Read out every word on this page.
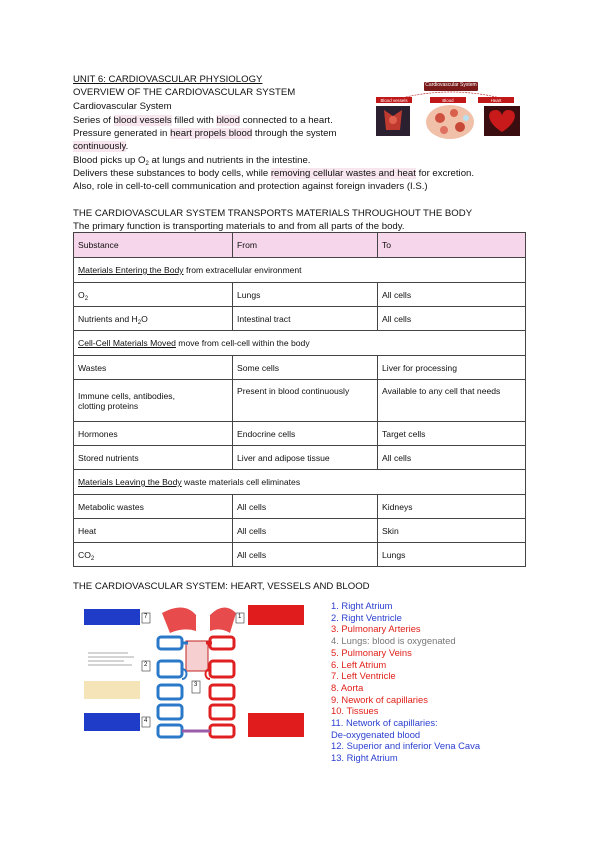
UNIT 6: CARDIOVASCULAR PHYSIOLOGY
OVERVIEW OF THE CARDIOVASCULAR SYSTEM
Cardiovascular System
Series of blood vessels filled with blood connected to a heart.
Pressure generated in heart propels blood through the system
continuously.
Blood picks up $O_2$ at lungs and nutrients in the intestine.
Delivers these substances to body cells, while removing cellular wastes and heat for excretion.
Also, role in cell-to-cell communication and protection against foreign invaders (I.S.)
Cardiovascular System
Blood vessels	Blood	Heart
THE CARDIOVASCULAR SYSTEM TRANSPORTS MATERIALS THROUGHOUT THE BODY
The primary function is transporting materials to and from all parts of the body.
Substance	From	To
Materials Entering the Body from extracellular environment		
$O_2$	Lungs	All cells
Nutrients and $H_2O$	Intestinal tract	All cells
Cell-Cell Materials Moved move from cell-cell within the body		
Wastes	Some cells	Liver for processing

Immune cells, antibodies,
clotting proteins	Present in blood continuously	Available to any cell that needs
Hormones	Endocrine cells	Target cells
Stored nutrients	Liver and adipose tissue	All cells
Materials Leaving the Body waste materials cell eliminates		
Metabolic wastes	All cells	Kidneys
Heat	All cells	Skin
$CO_2$	All cells	Lungs
THE CARDIOVASCULAR SYSTEM: HEART, VESSELS AND BLOOD
7	1
2
3
4
1. Right Atrium
2. Right Ventricle
3. Pulmonary Arteries
4. Lungs: blood is oxygenated
5. Pulmonary Veins
6. Left Atrium
7. Left Ventricle
8. Aorta
9. Nework of capillaries
10. Tissues
11. Network of capillaries:
De-oxygenated blood
12. Superior and inferior Vena Cava
13. Right Atrium
